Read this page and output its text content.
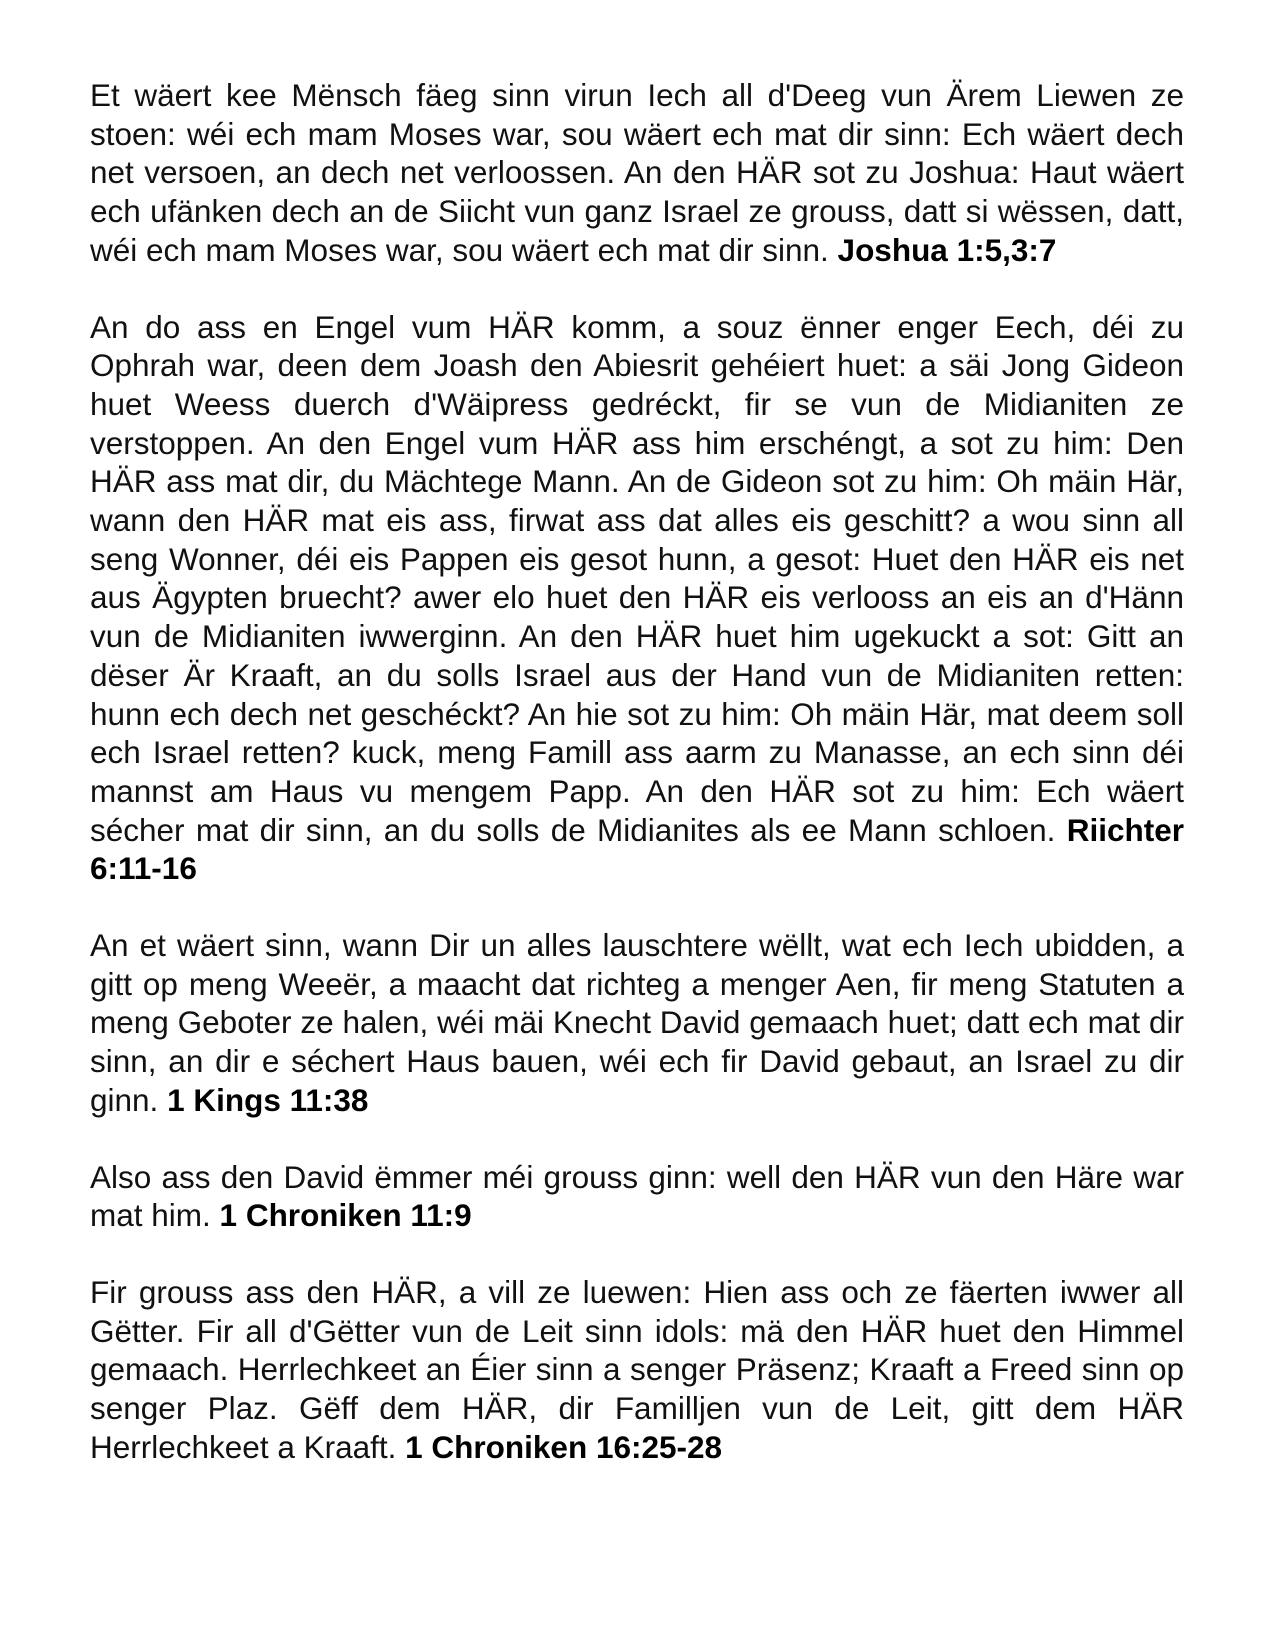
Et wäert kee Mënsch fäeg sinn virun Iech all d'Deeg vun Ärem Liewen ze stoen: wéi ech mam Moses war, sou wäert ech mat dir sinn: Ech wäert dech net versoen, an dech net verloossen. An den HÄR sot zu Joshua: Haut wäert ech ufänken dech an de Siicht vun ganz Israel ze grouss, datt si wëssen, datt, wéi ech mam Moses war, sou wäert ech mat dir sinn. Joshua 1:5,3:7

An do ass en Engel vum HÄR komm, a souz ënner enger Eech, déi zu Ophrah war, deen dem Joash den Abiesrit gehéiert huet: a säi Jong Gideon huet Weess duerch d'Wäipress gedréckt, fir se vun de Midianiten ze verstoppen. An den Engel vum HÄR ass him erschéngt, a sot zu him: Den HÄR ass mat dir, du Mächtege Mann. An de Gideon sot zu him: Oh mäin Här, wann den HÄR mat eis ass, firwat ass dat alles eis geschitt? a wou sinn all seng Wonner, déi eis Pappen eis gesot hunn, a gesot: Huet den HÄR eis net aus Ägypten bruecht? awer elo huet den HÄR eis verlooss an eis an d'Hänn vun de Midianiten iwwerginn. An den HÄR huet him ugekuckt a sot: Gitt an dëser Är Kraaft, an du solls Israel aus der Hand vun de Midianiten retten: hunn ech dech net geschéckt? An hie sot zu him: Oh mäin Här, mat deem soll ech Israel retten? kuck, meng Famill ass aarm zu Manasse, an ech sinn déi mannst am Haus vu mengem Papp. An den HÄR sot zu him: Ech wäert sécher mat dir sinn, an du solls de Midianites als ee Mann schloen. Riichter 6:11-16

An et wäert sinn, wann Dir un alles lauschtere wëllt, wat ech Iech ubidden, a gitt op meng Weeër, a maacht dat richteg a menger Aen, fir meng Statuten a meng Geboter ze halen, wéi mäi Knecht David gemaach huet; datt ech mat dir sinn, an dir e séchert Haus bauen, wéi ech fir David gebaut, an Israel zu dir ginn. 1 Kings 11:38

Also ass den David ëmmer méi grouss ginn: well den HÄR vun den Häre war mat him. 1 Chroniken 11:9

Fir grouss ass den HÄR, a vill ze luewen: Hien ass och ze fäerten iwwer all Gëtter. Fir all d'Gëtter vun de Leit sinn idols: mä den HÄR huet den Himmel gemaach. Herrlechkeet an Éier sinn a senger Präsenz; Kraaft a Freed sinn op senger Plaz. Gëff dem HÄR, dir Familljen vun de Leit, gitt dem HÄR Herrlechkeet a Kraaft. 1 Chroniken 16:25-28
